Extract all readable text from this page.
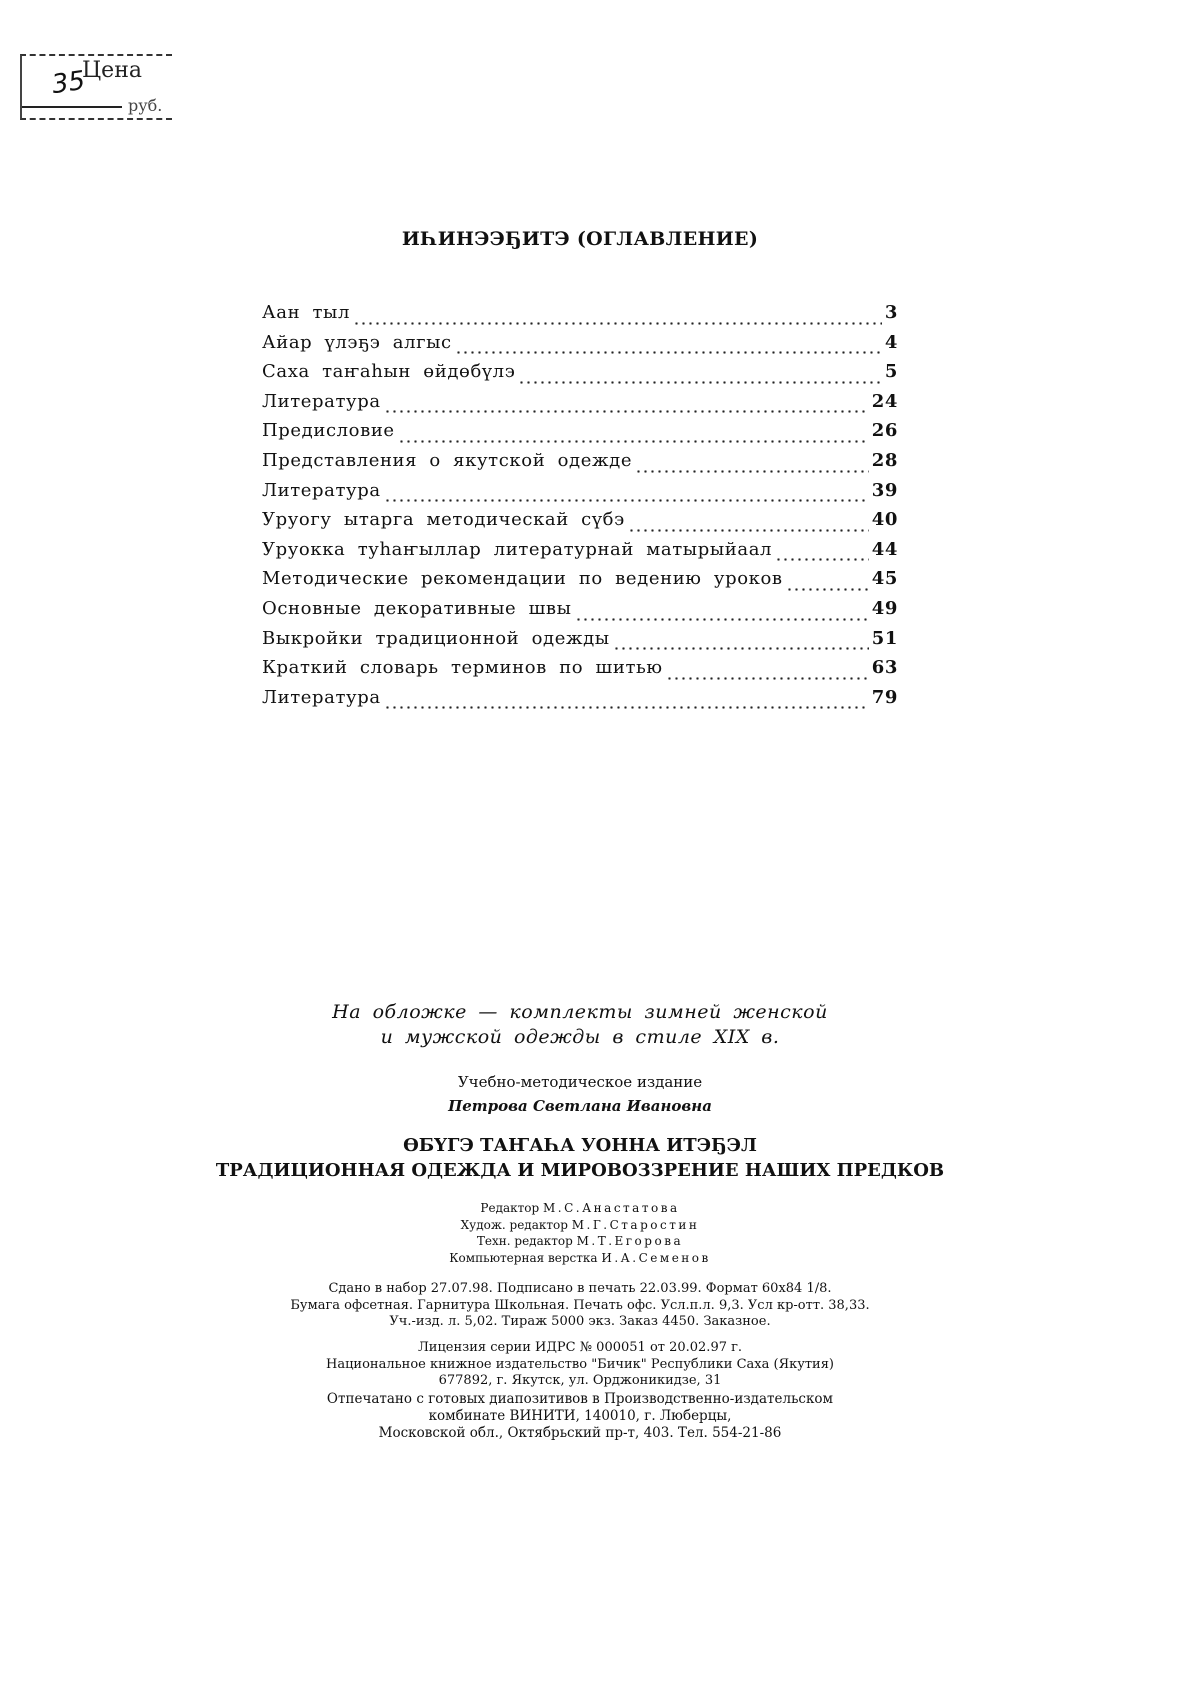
Цена
35
руб.
ИҺИНЭЭҔИТЭ (ОГЛАВЛЕНИЕ)
Аан тыл	3
Айар үлэҕэ алгыс	4
Саха таҥаһын өйдөбүлэ	5
Литература	24
Предисловие	26
Представления о якутской одежде	28
Литература	39
Уруогу ытарга методическай сүбэ	40
Уруокка туһаҥыллар литературнай матырыйаал	44
Методические рекомендации по ведению уроков	45
Основные декоративные швы	49
Выкройки традиционной одежды	51
Краткий словарь терминов по шитью	63
Литература	79
На обложке — комплекты зимней женской
и мужской одежды в стиле XIX в.
Учебно-методическое издание
Петрова Светлана Ивановна
ӨБҮГЭ ТАҤАҺА УОННА ИТЭҔЭЛ
ТРАДИЦИОННАЯ ОДЕЖДА И МИРОВОЗЗРЕНИЕ НАШИХ ПРЕДКОВ
Редактор М.С.Анастатова
Худож. редактор М.Г.Старостин
Техн. редактор М.Т.Егорова
Компьютерная верстка И.А.Семенов
Сдано в набор 27.07.98. Подписано в печать 22.03.99. Формат 60x84 1/8.
Бумага офсетная. Гарнитура Школьная. Печать офс. Усл.п.л. 9,3. Усл кр-отт. 38,33.
Уч.-изд. л. 5,02. Тираж 5000 экз. Заказ 4450. Заказное.
Лицензия серии ИДРС № 000051 от 20.02.97 г.
Национальное книжное издательство "Бичик" Республики Саха (Якутия)
677892, г. Якутск, ул. Орджоникидзе, 31
Отпечатано с готовых диапозитивов в Производственно-издательском
комбинате ВИНИТИ, 140010, г. Люберцы,
Московской обл., Октябрьский пр-т, 403. Тел. 554-21-86
